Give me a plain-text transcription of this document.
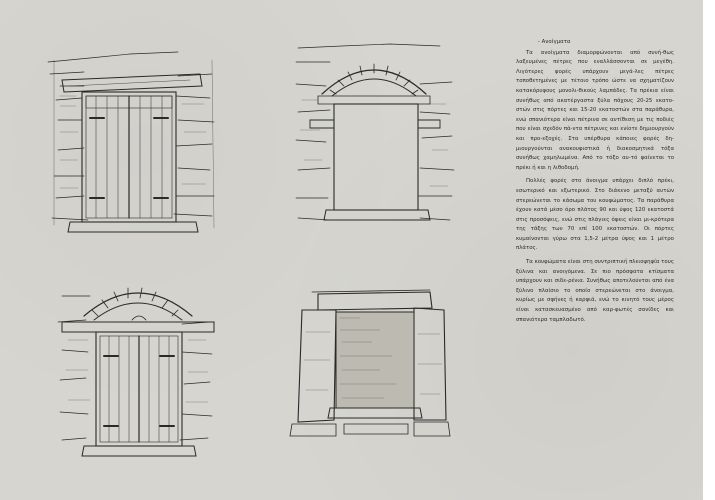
- Ανοίγματα

Τα ανοίγματα διαμορφώνονται από συνή-θως λαξευμένες πέτρες που εναλλάσσονται σε μεγέθη. Λιγότερες φορές υπάρχουν μεγά-λες πέτρες τοποθετημένες με τέτοιο τρόπο ώστε να σχηματίζουν κατακόρυφους μονολι-θικούς λαμπάδες. Τα πρέκια είναι συνήθως από ακατέργαστα ξύλα πάχους 20-25 εκατο-στών στις πόρτες και 15-20 εκατοστών στα παράθυρα, ενώ σπανιότερα είναι πέτρινα σε αντίθεση με τις ποδιές που είναι σχεδόν πά-ντα πέτρινες και ενίοτε δημιουργούν και προ-εξοχές. Στα υπέρθυρα κάποιες φορές δη-μιουργούνται ανακουφιστικά ή διακοσμητικά τόξα συνήθως χαμηλωμένα. Από το τόξο αυ-τό φαίνεται το πρέκι ή και η λιθοδομή.

Πολλές φορές στο άνοιγμα υπάρχει διπλό πρέκι, εσωτερικό και εξωτερικό. Στο διάκενο μεταξύ αυτών στερεώνεται το κάσωμα του κουφώματος. Τα παράθυρα έχουν κατά μέσο όρο πλάτος 90 και ύψος 120 εκατοστά στις προσόψεις, ενώ στις πλάγιες όψεις είναι μι-κρότερα της τάξης των 70 επί 100 εκατοστών. Οι πόρτες κυμαίνονται γύρω στα 1,5-2 μέτρα ύψος και 1 μέτρο πλάτος.

Τα κουφώματα είναι στη συντριπτική πλειοψηφία τους ξύλινα και ανοιγόμενα. Σε πιο πρόσφατα κτίσματα υπάρχουν και σιδε-ρένια. Συνήθως αποτελούνται από ένα ξύλινο πλαίσιο το οποίο στερεώνεται στο άνοιγμα, κυρίως με σφήνες ή καρφιά, ενώ το κινητό τους μέρος είναι κατασκευασμένο από καρ-φωτές σανίδες και σπανιότερα ταμπλαδωτό.
